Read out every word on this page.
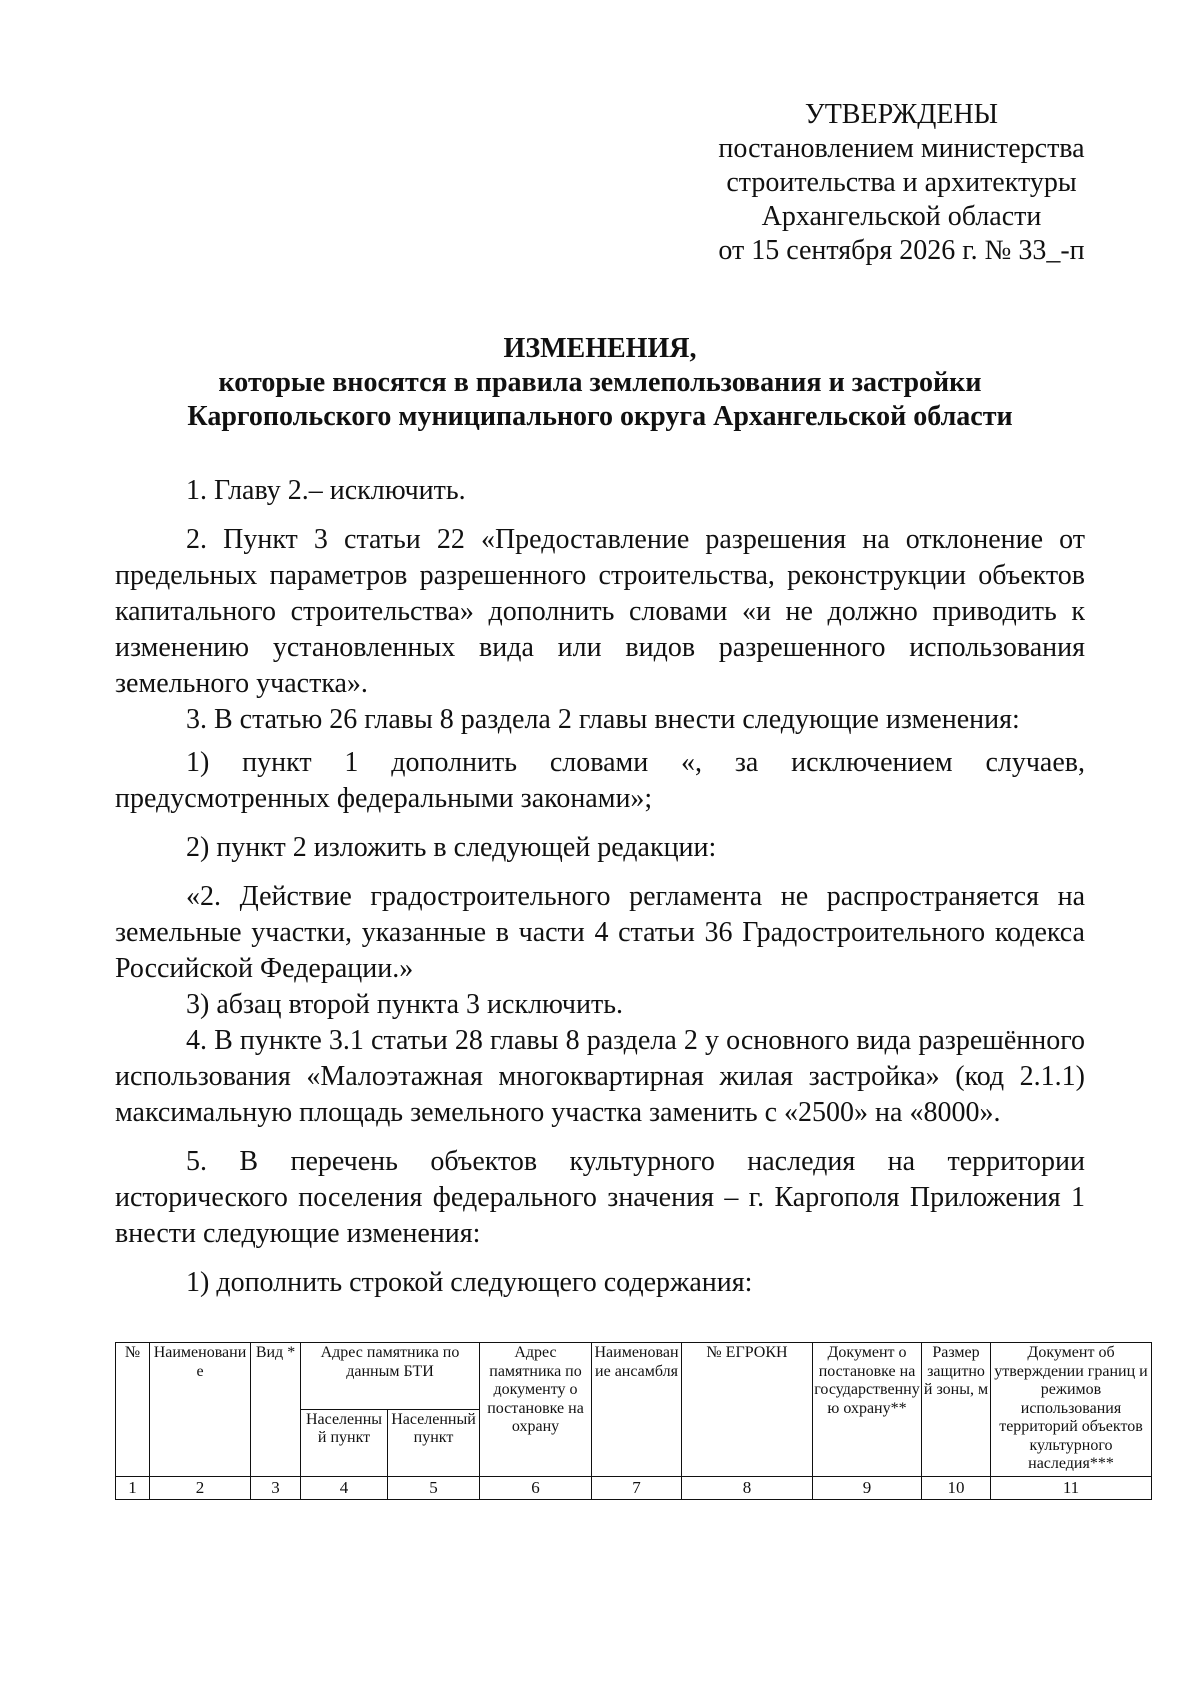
УТВЕРЖДЕНЫ
постановлением министерства
строительства и архитектуры
Архангельской области
от 15 сентября 2026 г. № 33_-п
ИЗМЕНЕНИЯ,
которые вносятся в правила землепользования и застройки
Каргопольского муниципального округа Архангельской области

1. Главу 2.– исключить.

2. Пункт 3 статьи 22 «Предоставление разрешения на отклонение от предельных параметров разрешенного строительства, реконструкции объектов капитального строительства» дополнить словами «и не должно приводить к изменению установленных вида или видов разрешенного использования земельного участка».

3. В статью 26 главы 8 раздела 2 главы внести следующие изменения:

1) пункт 1 дополнить словами «, за исключением случаев, предусмотренных федеральными законами»;

2) пункт 2 изложить в следующей редакции:

«2. Действие градостроительного регламента не распространяется на земельные участки, указанные в части 4 статьи 36 Градостроительного кодекса Российской Федерации.»

3) абзац второй пункта 3 исключить.

4. В пункте 3.1 статьи 28 главы 8 раздела 2 у основного вида разрешённого использования «Малоэтажная многоквартирная жилая застройка» (код 2.1.1) максимальную площадь земельного участка заменить с «2500» на «8000».

5. В перечень объектов культурного наследия на территории исторического поселения федерального значения – г. Каргополя Приложения 1 внести следующие изменения:

1) дополнить строкой следующего содержания:

№	Наименование	Вид *	Адрес памятника по данным БТИ		Адрес памятника по документу о постановке на охрану	Наименование ансамбля	№ ЕГРОКН	Документ о постановке на государственную охрану**	Размер защитной зоны, м	Документ об утверждении границ и режимов использования территорий объектов культурного наследия***
			Населенный пункт	Населенный пункт						
1	2	3	4	5	6	7	8	9	10	11
